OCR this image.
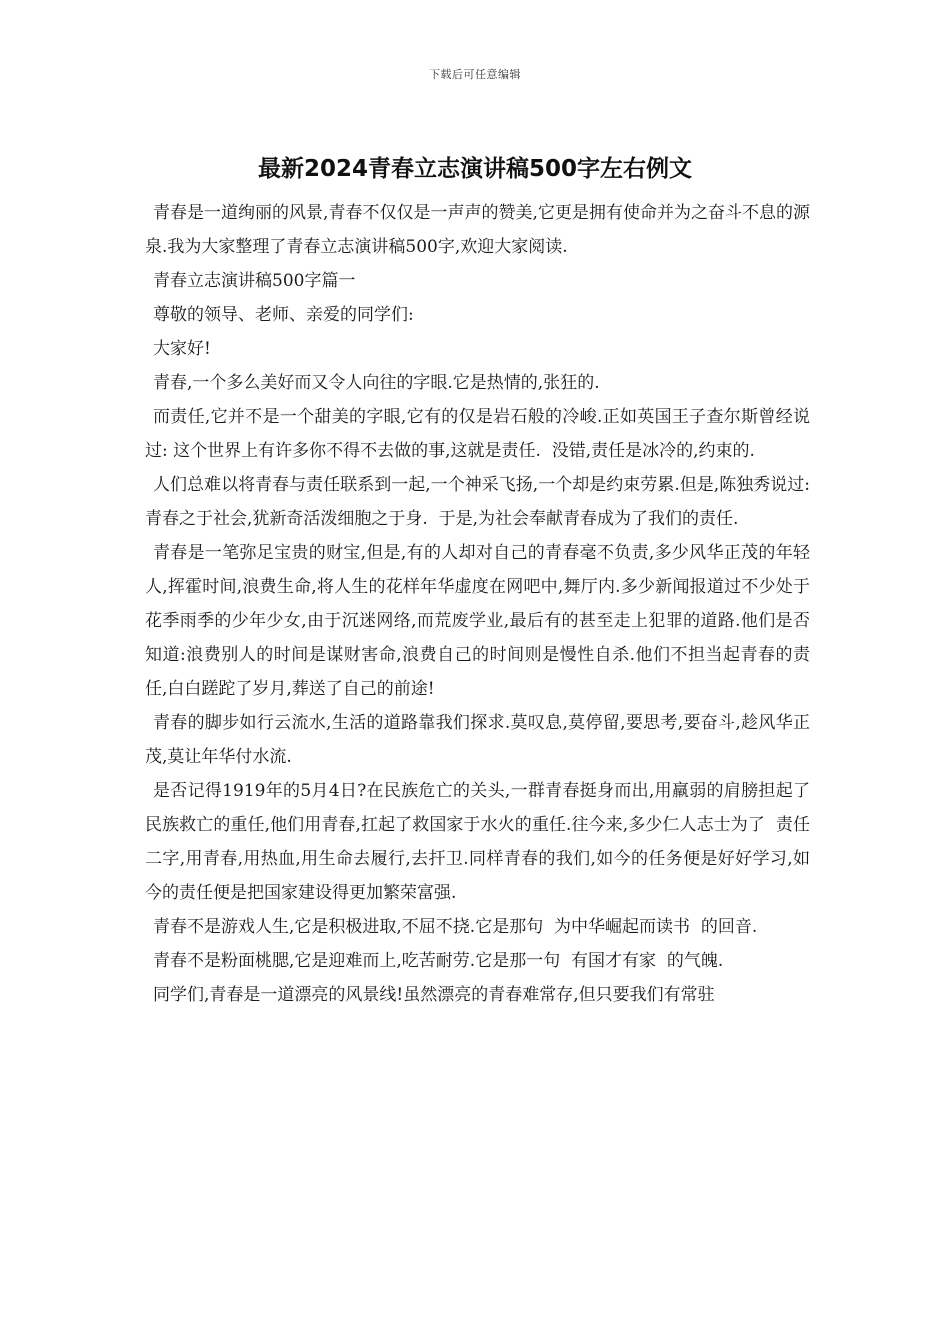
下载后可任意编辑
最新2024青春立志演讲稿500字左右例文

青春是一道绚丽的风景,青春不仅仅是一声声的赞美,它更是拥有使命并为之奋斗不息的源泉.我为大家整理了青春立志演讲稿500字,欢迎大家阅读.

青春立志演讲稿500字篇一

尊敬的领导、老师、亲爱的同学们:

大家好!

青春,一个多么美好而又令人向往的字眼.它是热情的,张狂的.

而责任,它并不是一个甜美的字眼,它有的仅是岩石般的冷峻.正如英国王子查尔斯曾经说过: 这个世界上有许多你不得不去做的事,这就是责任.  没错,责任是冰冷的,约束的.

人们总难以将青春与责任联系到一起,一个神采飞扬,一个却是约束劳累.但是,陈独秀说过: 青春之于社会,犹新奇活泼细胞之于身.  于是,为社会奉献青春成为了我们的责任.

青春是一笔弥足宝贵的财宝,但是,有的人却对自己的青春毫不负责,多少风华正茂的年轻人,挥霍时间,浪费生命,将人生的花样年华虚度在网吧中,舞厅内.多少新闻报道过不少处于花季雨季的少年少女,由于沉迷网络,而荒废学业,最后有的甚至走上犯罪的道路.他们是否知道:浪费别人的时间是谋财害命,浪费自己的时间则是慢性自杀.他们不担当起青春的责任,白白蹉跎了岁月,葬送了自己的前途!

青春的脚步如行云流水,生活的道路靠我们探求.莫叹息,莫停留,要思考,要奋斗,趁风华正茂,莫让年华付水流.

是否记得1919年的5月4日?在民族危亡的关头,一群青春挺身而出,用羸弱的肩膀担起了民族救亡的重任,他们用青春,扛起了救国家于水火的重任.往今来,多少仁人志士为了  责任  二字,用青春,用热血,用生命去履行,去扞卫.同样青春的我们,如今的任务便是好好学习,如今的责任便是把国家建设得更加繁荣富强.

青春不是游戏人生,它是积极进取,不屈不挠.它是那句  为中华崛起而读书  的回音.

青春不是粉面桃腮,它是迎难而上,吃苦耐劳.它是那一句  有国才有家  的气魄.

同学们,青春是一道漂亮的风景线!虽然漂亮的青春难常存,但只要我们有常驻
